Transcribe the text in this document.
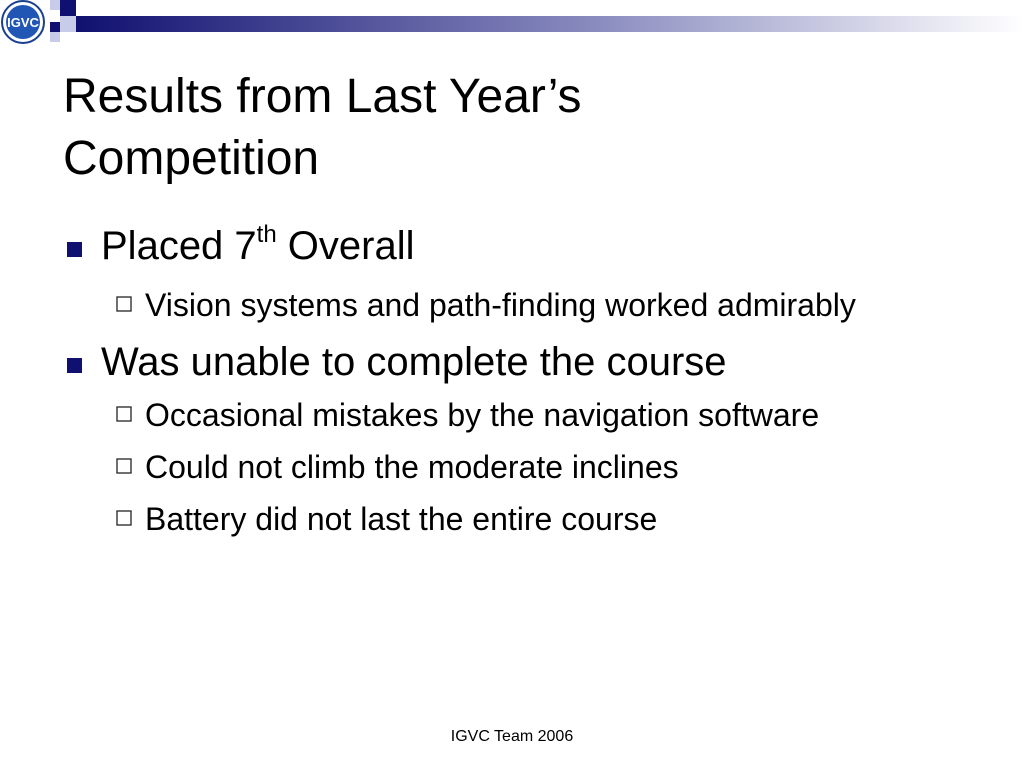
IGVC
Results from Last Year’s
Competition
Placed 7th Overall
Vision systems and path-finding worked admirably
Was unable to complete the course
Occasional mistakes by the navigation software
Could not climb the moderate inclines
Battery did not last the entire course
IGVC Team 2006
